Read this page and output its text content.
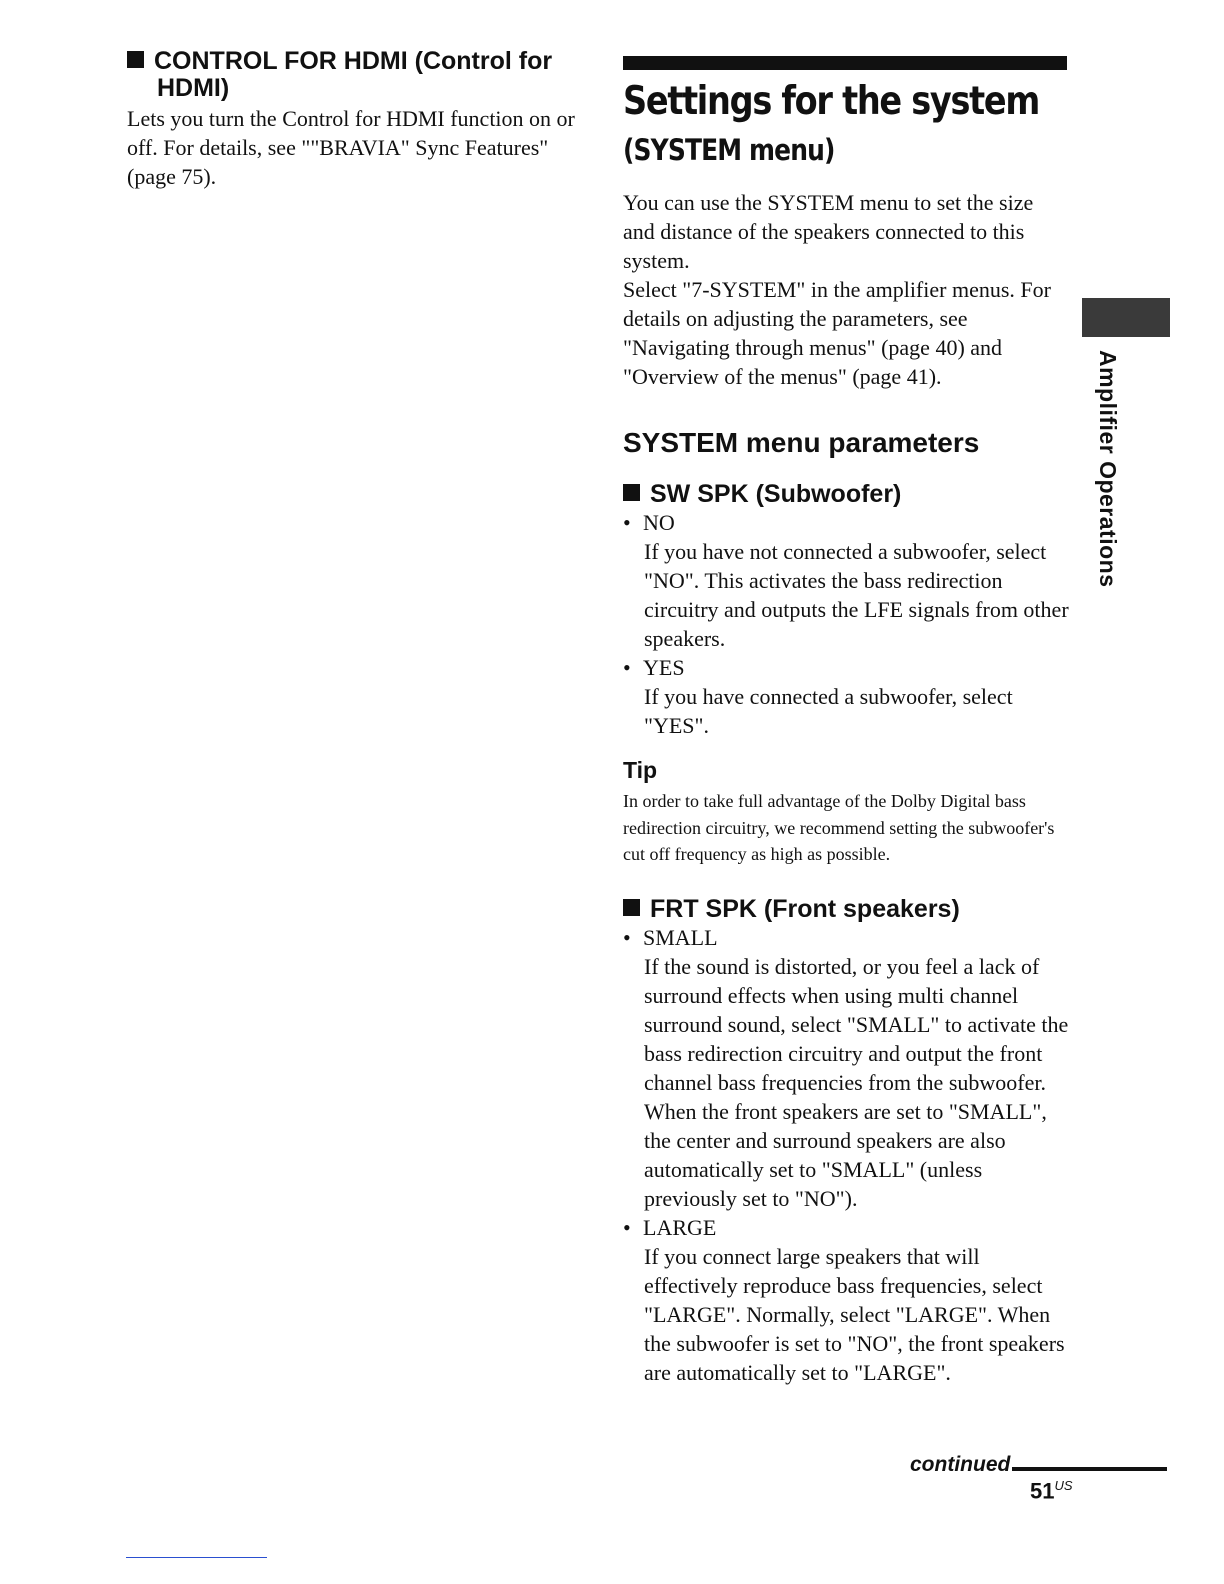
CONTROL FOR HDMI (Control for HDMI)

Lets you turn the Control for HDMI function on or off. For details, see ""BRAVIA" Sync Features" (page 75).

Settings for the system
(SYSTEM menu)

You can use the SYSTEM menu to set the size and distance of the speakers connected to this system.

Select "7-SYSTEM" in the amplifier menus. For details on adjusting the parameters, see "Navigating through menus" (page 40) and "Overview of the menus" (page 41).

SYSTEM menu parameters
SW SPK (Subwoofer)

• NO

If you have not connected a subwoofer, select "NO". This activates the bass redirection circuitry and outputs the LFE signals from other speakers.

• YES

If you have connected a subwoofer, select "YES".

Tip

In order to take full advantage of the Dolby Digital bass redirection circuitry, we recommend setting the subwoofer's cut off frequency as high as possible.

FRT SPK (Front speakers)

• SMALL

If the sound is distorted, or you feel a lack of surround effects when using multi channel surround sound, select "SMALL" to activate the bass redirection circuitry and output the front channel bass frequencies from the subwoofer. When the front speakers are set to "SMALL", the center and surround speakers are also automatically set to "SMALL" (unless previously set to "NO").

• LARGE

If you connect large speakers that will effectively reproduce bass frequencies, select "LARGE". Normally, select "LARGE". When the subwoofer is set to "NO", the front speakers are automatically set to "LARGE".

Amplifier Operations
continued
$51^{US}$
